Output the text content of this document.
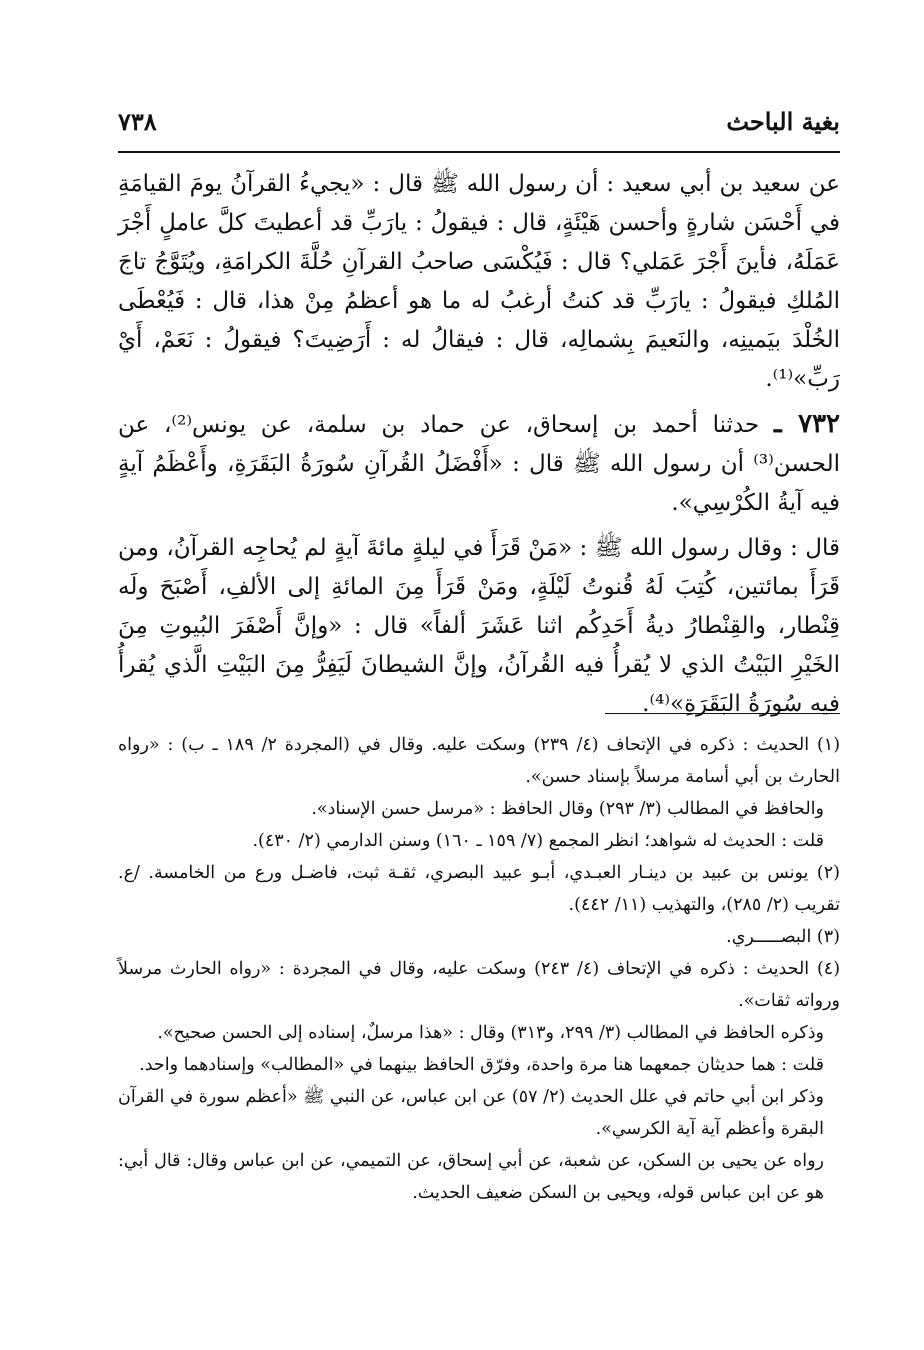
بغية الباحث
٧٣٨

عن سعيد بن أبي سعيد : أن رسول الله ﷺ قال : «يجيءُ القرآنُ يومَ القيامَةِ في أَحْسَن شارةٍ وأحسن هَيْئَةٍ، قال : فيقولُ : يارَبِّ قد أعطيتَ كلَّ عاملٍ أَجْرَ عَمَلَهُ، فأينَ أَجْرَ عَمَلي؟ قال : فَيُكْسَى صاحبُ القرآنِ حُلَّةَ الكرامَةِ، ويُتَوَّجُ تاجَ المُلكِ فيقولُ : يارَبِّ قد كنتُ أرغبُ له ما هو أعظمُ مِنْ هذا، قال : فَيُعْطَى الخُلْدَ بيَمينِه، والنَعيمَ بِشمالِه، قال : فيقالُ له : أَرَضِيتَ؟ فيقولُ : نَعَمْ، أَيْ رَبِّ»⁽¹⁾.

٧٣٢ ـ حدثنا أحمد بن إسحاق، عن حماد بن سلمة، عن يونس⁽²⁾، عن الحسن⁽³⁾ أن رسول الله ﷺ قال : «أَفْضَلُ القُرآنِ سُورَةُ البَقَرَةِ، وأَعْظَمُ آيةٍ فيه آيةُ الكُرْسِي».

قال : وقال رسول الله ﷺ : «مَنْ قَرَأَ في ليلةٍ مائةَ آيةٍ لم يُحاجِه القرآنُ، ومن قَرَأَ بمائتين، كُتِبَ لَهُ قُنوتُ لَيْلَةٍ، ومَنْ قَرَأَ مِنَ المائةِ إلى الألفِ، أَصْبَحَ ولَه قِنْطار، والقِنْطارُ ديةُ أَحَدِكُم اثنا عَشَرَ ألفاً» قال : «وإنَّ أَصْفَرَ البُيوتِ مِنَ الخَيْرِ البَيْتُ الذي لا يُقرأُ فيه القُرآنُ، وإنَّ الشيطانَ لَيَفِرُّ مِنَ البَيْتِ الَّذي يُقرأُ فيه سُورَةُ البَقَرَةِ»⁽⁴⁾.

(١) الحديث : ذكره في الإتحاف (٤/ ٢٣٩) وسكت عليه. وقال في (المجردة ٢/ ١٨٩ ـ ب) : «رواه الحارث بن أبي أسامة مرسلاً بإسناد حسن».

والحافظ في المطالب (٣/ ٢٩٣) وقال الحافظ : «مرسل حسن الإسناد».

قلت : الحديث له شواهد؛ انظر المجمع (٧/ ١٥٩ ـ ١٦٠) وسنن الدارمي (٢/ ٤٣٠).

(٢) يونس بن عبيد بن دينـار العبـدي، أبـو عبيد البصري، ثقـة ثبت، فاضـل ورع من الخامسة. /ع. تقريب (٢/ ٢٨٥)، والتهذيب (١١/ ٤٤٢).

(٣) البصـــــري.

(٤) الحديث : ذكره في الإتحاف (٤/ ٢٤٣) وسكت عليه، وقال في المجردة : «رواه الحارث مرسلاً ورواته ثقات».

وذكره الحافظ في المطالب (٣/ ٢٩٩، و٣١٣) وقال : «هذا مرسلٌ، إسناده إلى الحسن صحيح».

قلت : هما حديثان جمعهما هنا مرة واحدة، وفرّق الحافظ بينهما في «المطالب» وإسنادهما واحد.

وذكر ابن أبي حاتم في علل الحديث (٢/ ٥٧) عن ابن عباس، عن النبي ﷺ «أعظم سورة في القرآن البقرة وأعظم آية آية الكرسي».

رواه عن يحيى بن السكن، عن شعبة، عن أبي إسحاق، عن التميمي، عن ابن عباس وقال: قال أبي: هو عن ابن عباس قوله، ويحيى بن السكن ضعيف الحديث.
